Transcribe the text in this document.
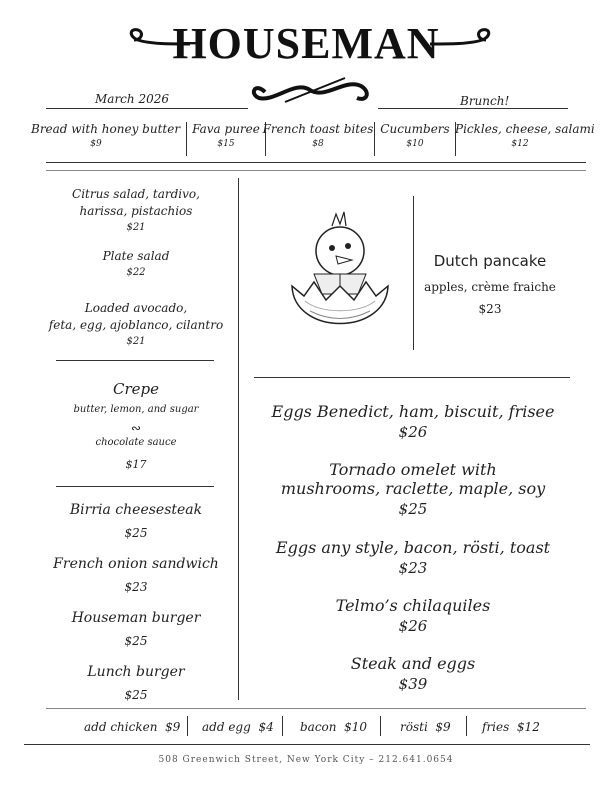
HOUSEMAN
March 2026	Brunch!
Bread with honey butter
$9
Fava puree
$15
French toast bites
$8
Cucumbers
$10
Pickles, cheese, salami
$12
Citrus salad, tardivo,
harissa, pistachios
$21
Plate salad
$22
Loaded avocado,
feta, egg, ajoblanco, cilantro
$21
Crepe
butter, lemon, and sugar
∾
chocolate sauce
$17
Birria cheesesteak
$25
French onion sandwich
$23
Houseman burger
$25
Lunch burger
$25
Dutch pancake
apples, crème fraiche
$23
Eggs Benedict, ham, biscuit, frisee
$26
Tornado omelet with
mushrooms, raclette, maple, soy
$25
Eggs any style, bacon, rösti, toast
$23
Telmo’s chilaquiles
$26
Steak and eggs
$39
add chicken $9 add egg $4 bacon $10	rösti $9	fries $12
508 Greenwich Street, New York City – 212.641.0654
